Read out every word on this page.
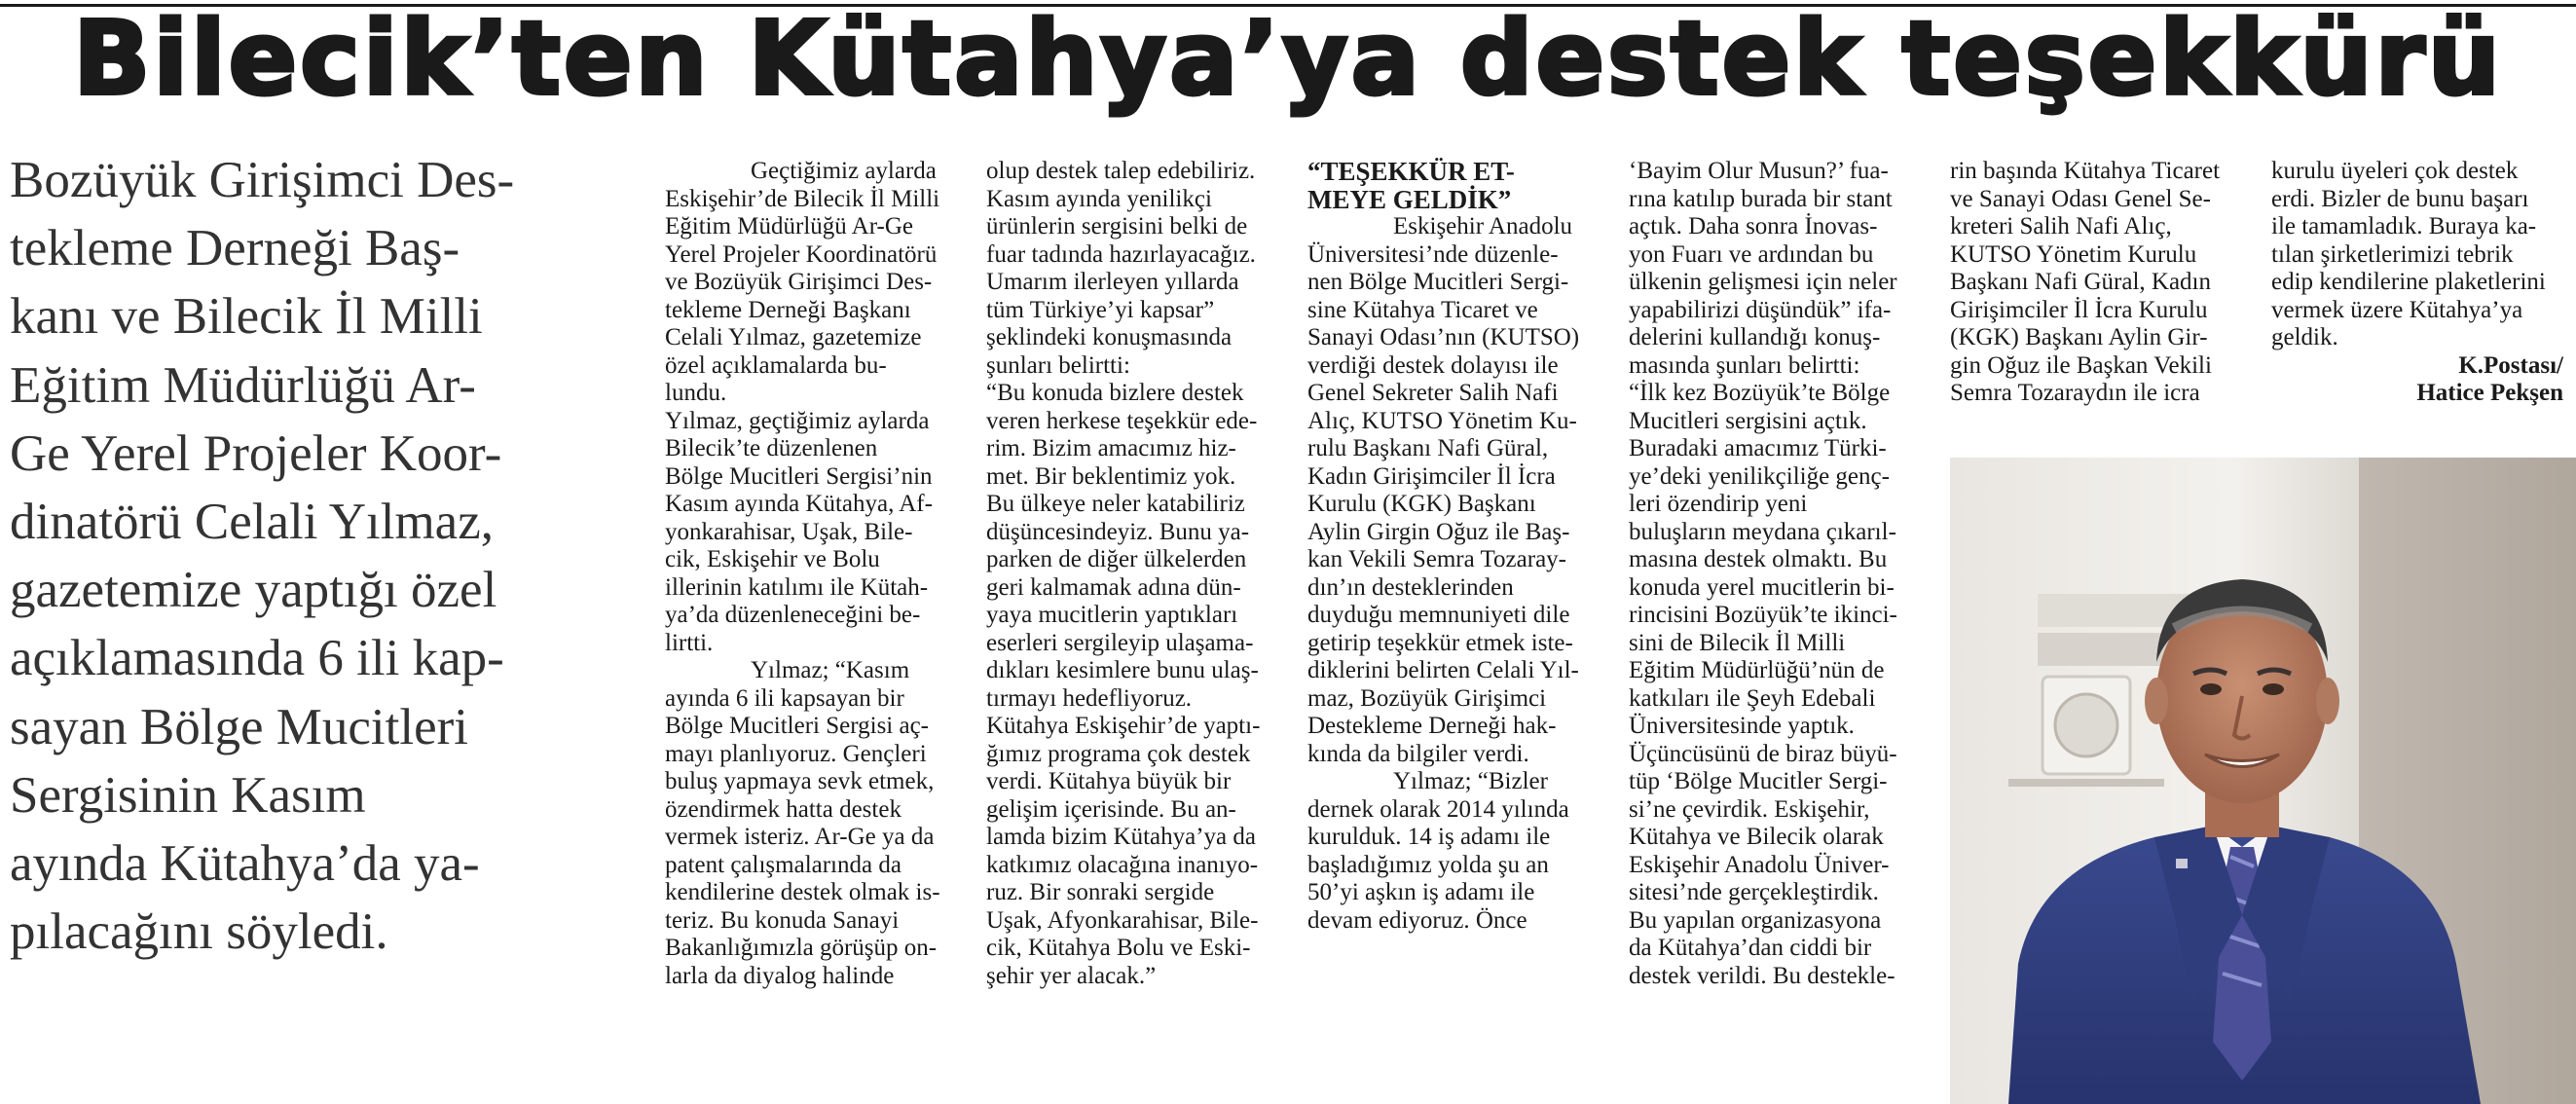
Bilecik’ten Kütahya’ya destek teşekkürü
Bozüyük Girişimci Des-
tekleme Derneği Baş-
kanı ve Bilecik İl Milli
Eğitim Müdürlüğü Ar-
Ge Yerel Projeler Koor-
dinatörü Celali Yılmaz,
gazetemize yaptığı özel
açıklamasında 6 ili kap-
sayan Bölge Mucitleri
Sergisinin Kasım
ayında Kütahya’da ya-
pılacağını söyledi.
Geçtiğimiz aylarda
Eskişehir’de Bilecik İl Milli
Eğitim Müdürlüğü Ar-Ge
Yerel Projeler Koordinatörü
ve Bozüyük Girişimci Des-
tekleme Derneği Başkanı
Celali Yılmaz, gazetemize
özel açıklamalarda bu-
lundu.
Yılmaz, geçtiğimiz aylarda
Bilecik’te düzenlenen
Bölge Mucitleri Sergisi’nin
Kasım ayında Kütahya, Af-
yonkarahisar, Uşak, Bile-
cik, Eskişehir ve Bolu
illerinin katılımı ile Kütah-
ya’da düzenleneceğini be-
lirtti.
Yılmaz; “Kasım
ayında 6 ili kapsayan bir
Bölge Mucitleri Sergisi aç-
mayı planlıyoruz. Gençleri
buluş yapmaya sevk etmek,
özendirmek hatta destek
vermek isteriz. Ar-Ge ya da
patent çalışmalarında da
kendilerine destek olmak is-
teriz. Bu konuda Sanayi
Bakanlığımızla görüşüp on-
larla da diyalog halinde
olup destek talep edebiliriz.
Kasım ayında yenilikçi
ürünlerin sergisini belki de
fuar tadında hazırlayacağız.
Umarım ilerleyen yıllarda
tüm Türkiye’yi kapsar”
şeklindeki konuşmasında
şunları belirtti:
“Bu konuda bizlere destek
veren herkese teşekkür ede-
rim. Bizim amacımız hiz-
met. Bir beklentimiz yok.
Bu ülkeye neler katabiliriz
düşüncesindeyiz. Bunu ya-
parken de diğer ülkelerden
geri kalmamak adına dün-
yaya mucitlerin yaptıkları
eserleri sergileyip ulaşama-
dıkları kesimlere bunu ulaş-
tırmayı hedefliyoruz.
Kütahya Eskişehir’de yaptı-
ğımız programa çok destek
verdi. Kütahya büyük bir
gelişim içerisinde. Bu an-
lamda bizim Kütahya’ya da
katkımız olacağına inanıyo-
ruz. Bir sonraki sergide
Uşak, Afyonkarahisar, Bile-
cik, Kütahya Bolu ve Eski-
şehir yer alacak.”
“TEŞEKKÜR ET-
MEYE GELDİK”
Eskişehir Anadolu
Üniversitesi’nde düzenle-
nen Bölge Mucitleri Sergi-
sine Kütahya Ticaret ve
Sanayi Odası’nın (KUTSO)
verdiği destek dolayısı ile
Genel Sekreter Salih Nafi
Alıç, KUTSO Yönetim Ku-
rulu Başkanı Nafi Güral,
Kadın Girişimciler İl İcra
Kurulu (KGK) Başkanı
Aylin Girgin Oğuz ile Baş-
kan Vekili Semra Tozaray-
dın’ın desteklerinden
duyduğu memnuniyeti dile
getirip teşekkür etmek iste-
diklerini belirten Celali Yıl-
maz, Bozüyük Girişimci
Destekleme Derneği hak-
kında da bilgiler verdi.
Yılmaz; “Bizler
dernek olarak 2014 yılında
kurulduk. 14 iş adamı ile
başladığımız yolda şu an
50’yi aşkın iş adamı ile
devam ediyoruz. Önce
‘Bayim Olur Musun?’ fua-
rına katılıp burada bir stant
açtık. Daha sonra İnovas-
yon Fuarı ve ardından bu
ülkenin gelişmesi için neler
yapabilirizi düşündük” ifa-
delerini kullandığı konuş-
masında şunları belirtti:
“İlk kez Bozüyük’te Bölge
Mucitleri sergisini açtık.
Buradaki amacımız Türki-
ye’deki yenilikçiliğe genç-
leri özendirip yeni
buluşların meydana çıkarıl-
masına destek olmaktı. Bu
konuda yerel mucitlerin bi-
rincisini Bozüyük’te ikinci-
sini de Bilecik İl Milli
Eğitim Müdürlüğü’nün de
katkıları ile Şeyh Edebali
Üniversitesinde yaptık.
Üçüncüsünü de biraz büyü-
tüp ‘Bölge Mucitler Sergi-
si’ne çevirdik. Eskişehir,
Kütahya ve Bilecik olarak
Eskişehir Anadolu Üniver-
sitesi’nde gerçekleştirdik.
Bu yapılan organizasyona
da Kütahya’dan ciddi bir
destek verildi. Bu destekle-
rin başında Kütahya Ticaret
ve Sanayi Odası Genel Se-
kreteri Salih Nafi Alıç,
KUTSO Yönetim Kurulu
Başkanı Nafi Güral, Kadın
Girişimciler İl İcra Kurulu
(KGK) Başkanı Aylin Gir-
gin Oğuz ile Başkan Vekili
Semra Tozaraydın ile icra
kurulu üyeleri çok destek
erdi. Bizler de bunu başarı
ile tamamladık. Buraya ka-
tılan şirketlerimizi tebrik
edip kendilerine plaketlerini
vermek üzere Kütahya’ya
geldik.
K.Postası/
Hatice Pekşen
